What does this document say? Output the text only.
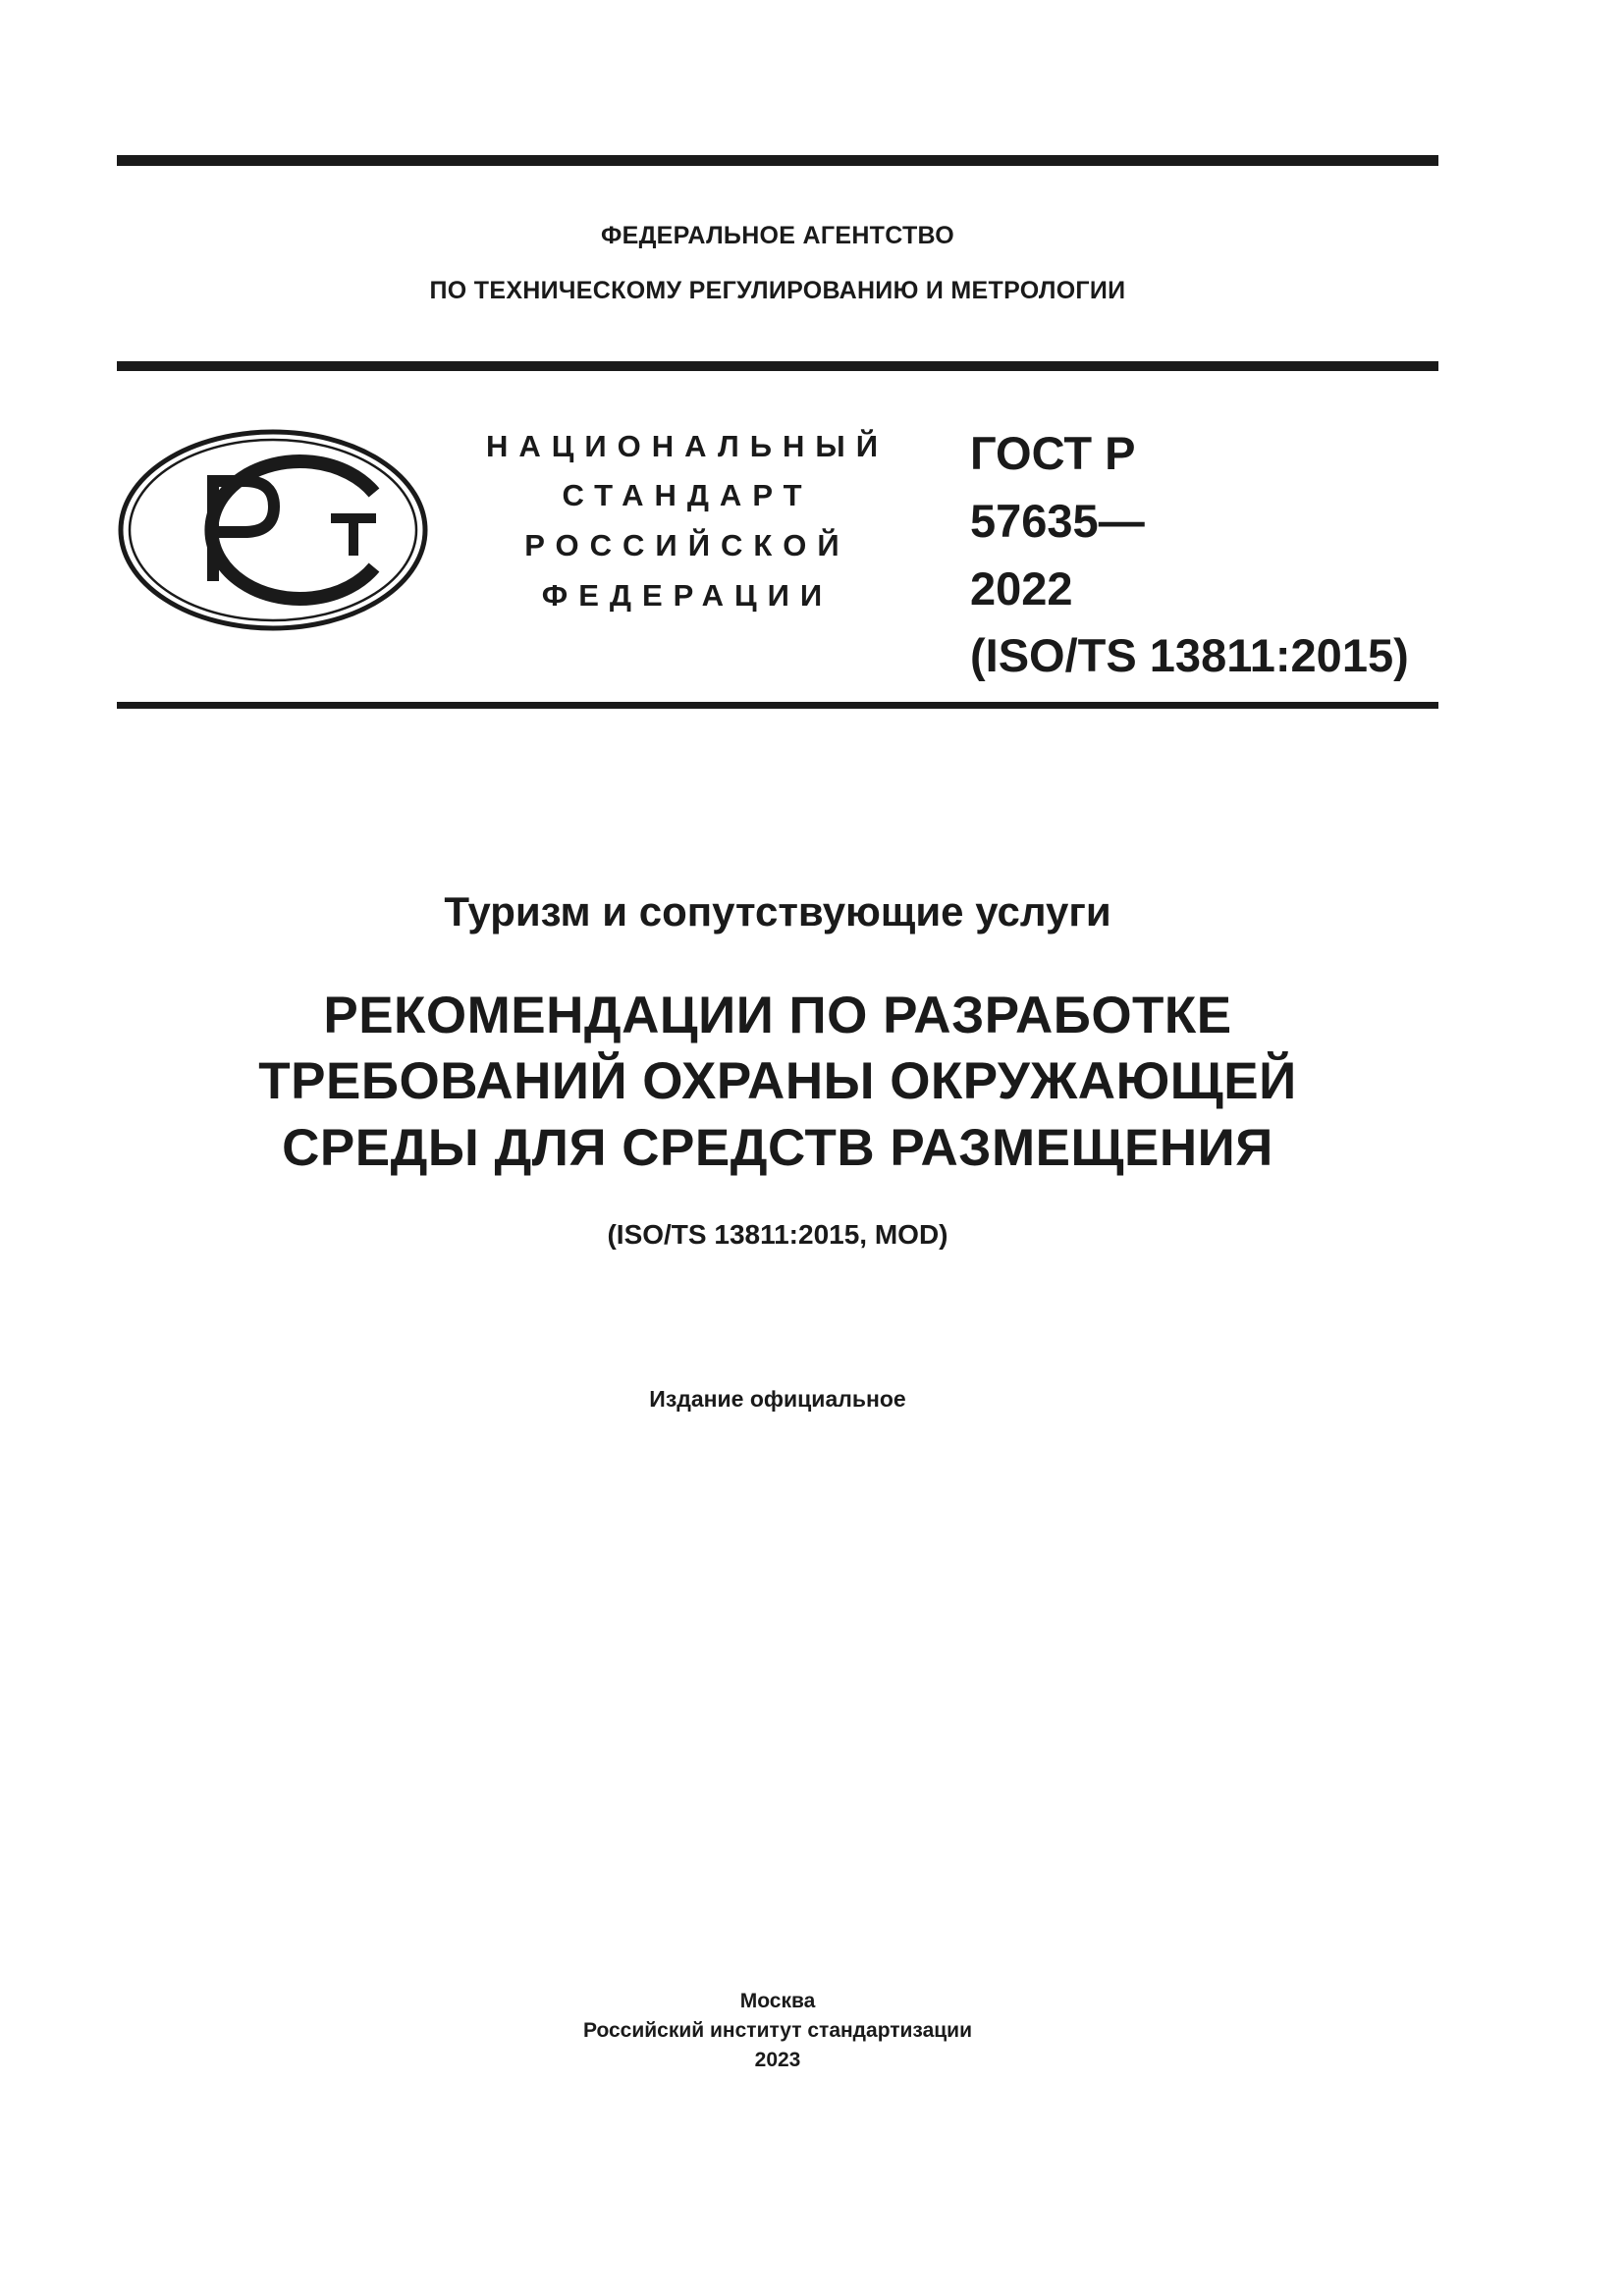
ФЕДЕРАЛЬНОЕ АГЕНТСТВО
ПО ТЕХНИЧЕСКОМУ РЕГУЛИРОВАНИЮ И МЕТРОЛОГИИ
НАЦИОНАЛЬНЫЙ
СТАНДАРТ
РОССИЙСКОЙ
ФЕДЕРАЦИИ
ГОСТ Р
57635—
2022
(ISO/TS 13811:2015)
Туризм и сопутствующие услуги
РЕКОМЕНДАЦИИ ПО РАЗРАБОТКЕ
ТРЕБОВАНИЙ ОХРАНЫ ОКРУЖАЮЩЕЙ
СРЕДЫ ДЛЯ СРЕДСТВ РАЗМЕЩЕНИЯ
(ISO/TS 13811:2015, MOD)
Издание официальное
Москва
Российский институт стандартизации
2023
